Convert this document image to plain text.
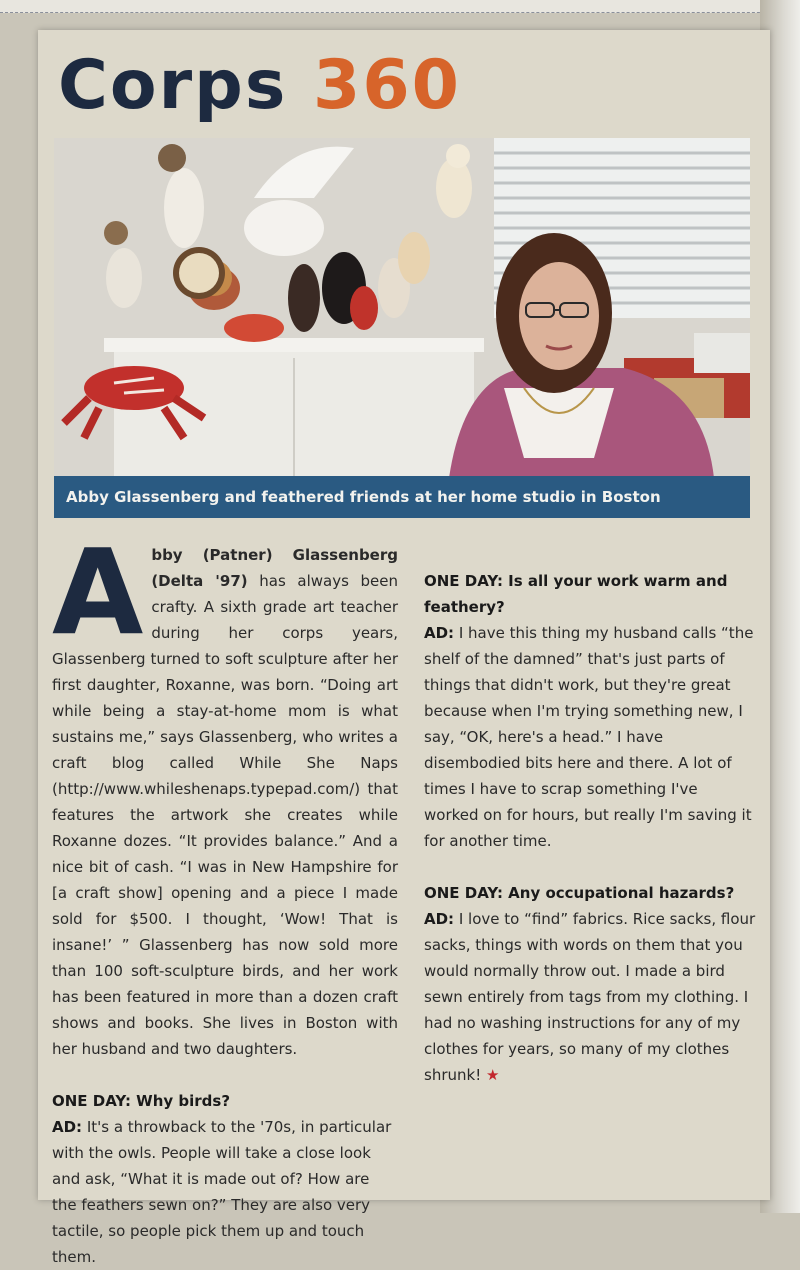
Corps 360
Abby Glassenberg and feathered friends at her home studio in Boston

Abby (Patner) Glassenberg (Delta '97) has always been crafty. A sixth grade art teacher during her corps years, Glassenberg turned to soft sculpture after her first daughter, Roxanne, was born. “Doing art while being a stay-at-home mom is what sustains me,” says Glassenberg, who writes a craft blog called While She Naps (http://www.whileshenaps.typepad.com/) that features the artwork she creates while Roxanne dozes. “It provides balance.” And a nice bit of cash. “I was in New Hampshire for [a craft show] opening and a piece I made sold for $500. I thought, ‘Wow! That is insane!’ ” Glassenberg has now sold more than 100 soft-sculpture birds, and her work has been featured in more than a dozen craft shows and books. She lives in Boston with her husband and two daughters.

ONE DAY: Why birds?
AD: It's a throwback to the '70s, in particular with the owls. People will take a close look and ask, “What it is made out of? How are the feathers sewn on?” They are also very tactile, so people pick them up and touch them.
ONE DAY: Is all your work warm and feathery?
AD: I have this thing my husband calls “the shelf of the damned” that's just parts of things that didn't work, but they're great because when I'm trying something new, I say, “OK, here's a head.” I have disembodied bits here and there. A lot of times I have to scrap something I've worked on for hours, but really I'm saving it for another time.
ONE DAY: Any occupational hazards?
AD: I love to “find” fabrics. Rice sacks, flour sacks, things with words on them that you would normally throw out. I made a bird sewn entirely from tags from my clothing. I had no washing instructions for any of my clothes for years, so many of my clothes shrunk! ★
